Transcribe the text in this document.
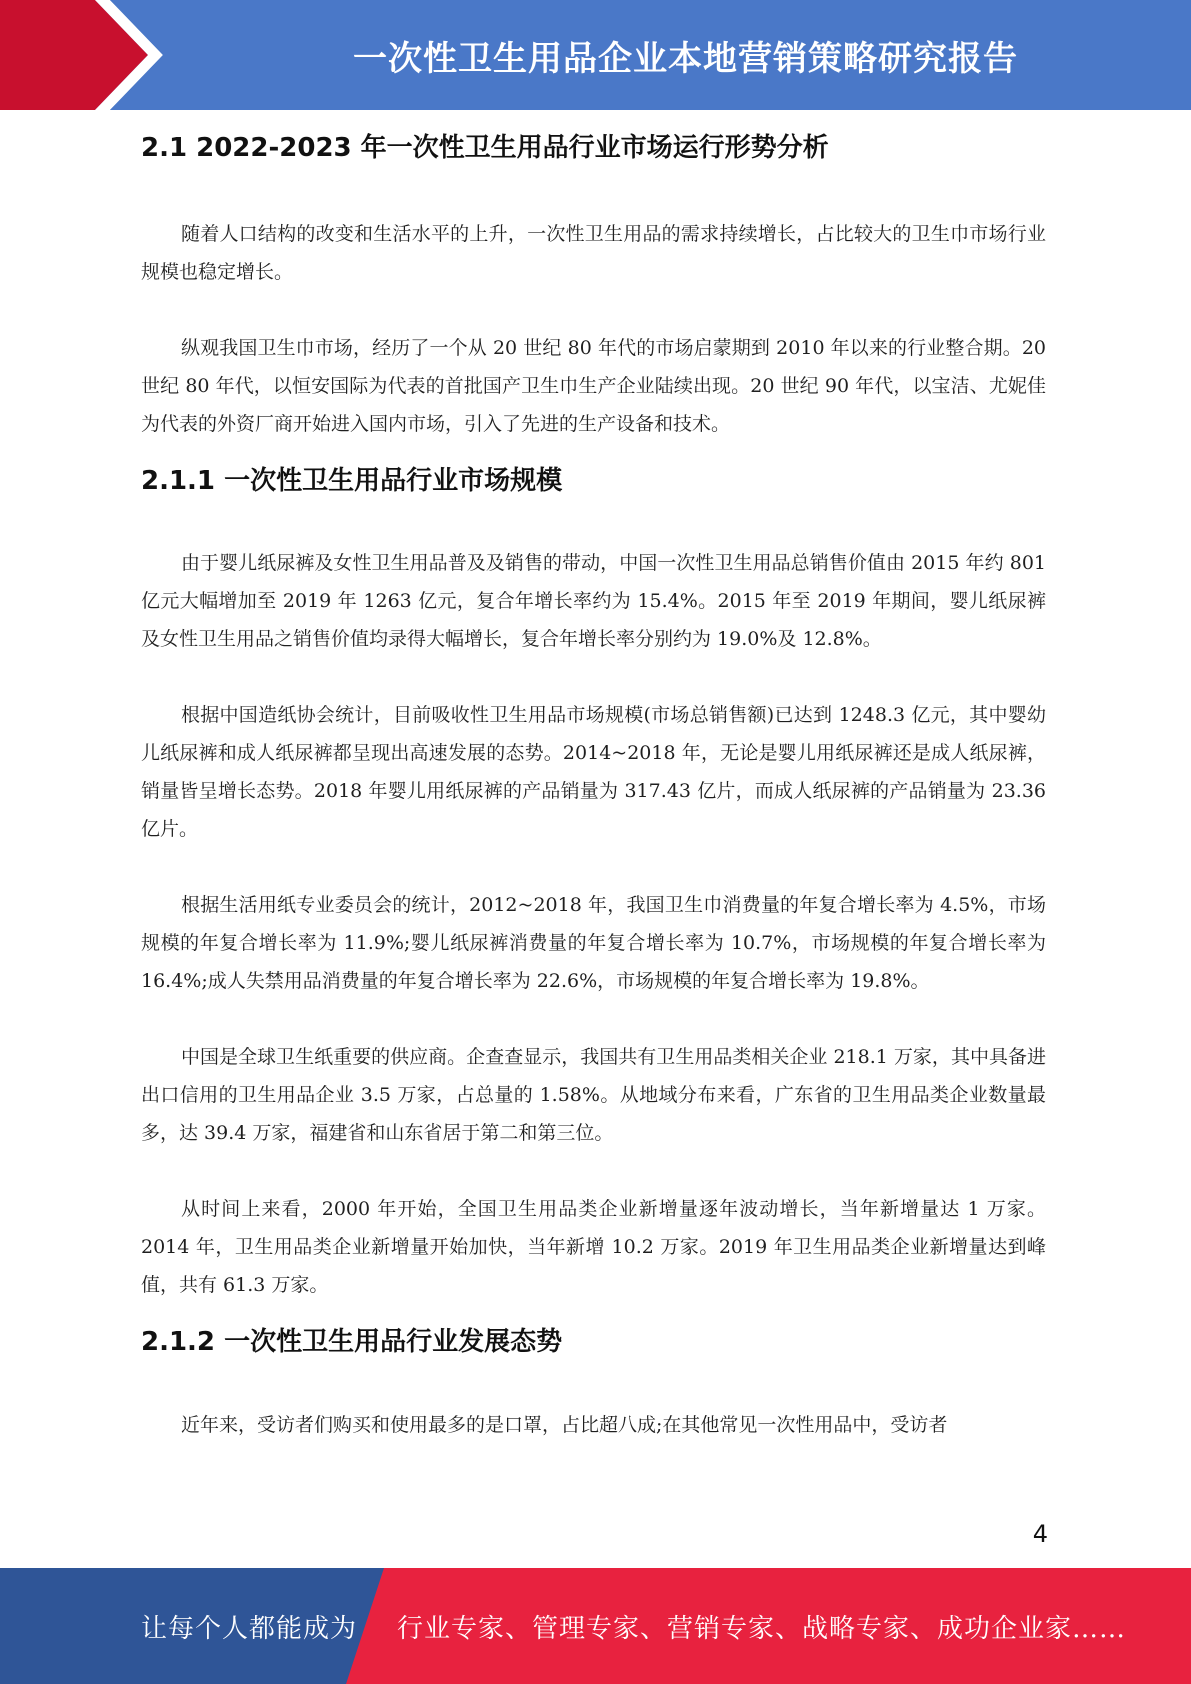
一次性卫生用品企业本地营销策略研究报告
2.1 2022-2023 年一次性卫生用品行业市场运行形势分析

随着人口结构的改变和生活水平的上升，一次性卫生用品的需求持续增长，占比较大的卫生巾市场行业规模也稳定增长。

纵观我国卫生巾市场，经历了一个从 20 世纪 80 年代的市场启蒙期到 2010 年以来的行业整合期。20 世纪 80 年代，以恒安国际为代表的首批国产卫生巾生产企业陆续出现。20 世纪 90 年代，以宝洁、尤妮佳为代表的外资厂商开始进入国内市场，引入了先进的生产设备和技术。

2.1.1 一次性卫生用品行业市场规模

由于婴儿纸尿裤及女性卫生用品普及及销售的带动，中国一次性卫生用品总销售价值由 2015 年约 801 亿元大幅增加至 2019 年 1263 亿元，复合年增长率约为 15.4%。2015 年至 2019 年期间，婴儿纸尿裤及女性卫生用品之销售价值均录得大幅增长，复合年增长率分别约为 19.0%及 12.8%。

根据中国造纸协会统计，目前吸收性卫生用品市场规模(市场总销售额)已达到 1248.3 亿元，其中婴幼儿纸尿裤和成人纸尿裤都呈现出高速发展的态势。2014~2018 年，无论是婴儿用纸尿裤还是成人纸尿裤，销量皆呈增长态势。2018 年婴儿用纸尿裤的产品销量为 317.43 亿片，而成人纸尿裤的产品销量为 23.36 亿片。

根据生活用纸专业委员会的统计，2012~2018 年，我国卫生巾消费量的年复合增长率为 4.5%，市场规模的年复合增长率为 11.9%;婴儿纸尿裤消费量的年复合增长率为 10.7%，市场规模的年复合增长率为 16.4%;成人失禁用品消费量的年复合增长率为 22.6%，市场规模的年复合增长率为 19.8%。

中国是全球卫生纸重要的供应商。企查查显示，我国共有卫生用品类相关企业 218.1 万家，其中具备进出口信用的卫生用品企业 3.5 万家，占总量的 1.58%。从地域分布来看，广东省的卫生用品类企业数量最多，达 39.4 万家，福建省和山东省居于第二和第三位。

从时间上来看，2000 年开始，全国卫生用品类企业新增量逐年波动增长，当年新增量达 1 万家。2014 年，卫生用品类企业新增量开始加快，当年新增 10.2 万家。2019 年卫生用品类企业新增量达到峰值，共有 61.3 万家。

2.1.2 一次性卫生用品行业发展态势

近年来，受访者们购买和使用最多的是口罩，占比超八成;在其他常见一次性用品中，受访者

4
让每个人都能成为 行业专家、管理专家、营销专家、战略专家、成功企业家……
